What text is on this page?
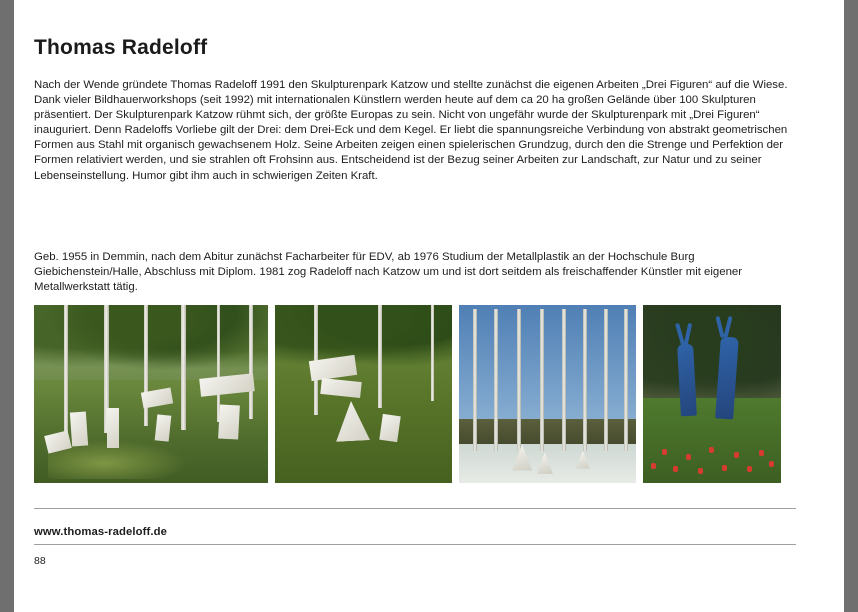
Thomas Radeloff
Nach der Wende gründete Thomas Radeloff 1991 den Skulpturenpark Katzow und stellte zunächst die eigenen Arbeiten „Drei Figuren“ auf die Wiese. Dank vieler Bildhauerworkshops (seit 1992) mit internationalen Künstlern werden heute auf dem ca 20 ha großen Gelände über 100 Skulpturen präsentiert. Der Skulpturenpark Katzow rühmt sich, der größte Europas zu sein. Nicht von ungefähr wurde der Skulpturenpark mit „Drei Figuren“ inauguriert. Denn Radeloffs Vorliebe gilt der Drei: dem Drei-Eck und dem Kegel. Er liebt die spannungsreiche Verbindung von abstrakt geometrischen Formen aus Stahl mit organisch gewachsenem Holz. Seine Arbeiten zeigen einen spielerischen Grundzug, durch den die Strenge und Perfektion der Formen relativiert werden, und sie strahlen oft Frohsinn aus. Entscheidend ist der Bezug seiner Arbeiten zur Landschaft, zur Natur und zu seiner Lebenseinstellung. Humor gibt ihm auch in schwierigen Zeiten Kraft.
Geb. 1955 in Demmin, nach dem Abitur zunächst Facharbeiter für EDV, ab 1976 Studium der Metallplastik an der Hochschule Burg Giebichenstein/Halle, Abschluss mit Diplom. 1981 zog Radeloff nach Katzow um und ist dort seitdem als freischaffender Künstler mit eigener Metallwerkstatt tätig.
www.thomas-radeloff.de
88
